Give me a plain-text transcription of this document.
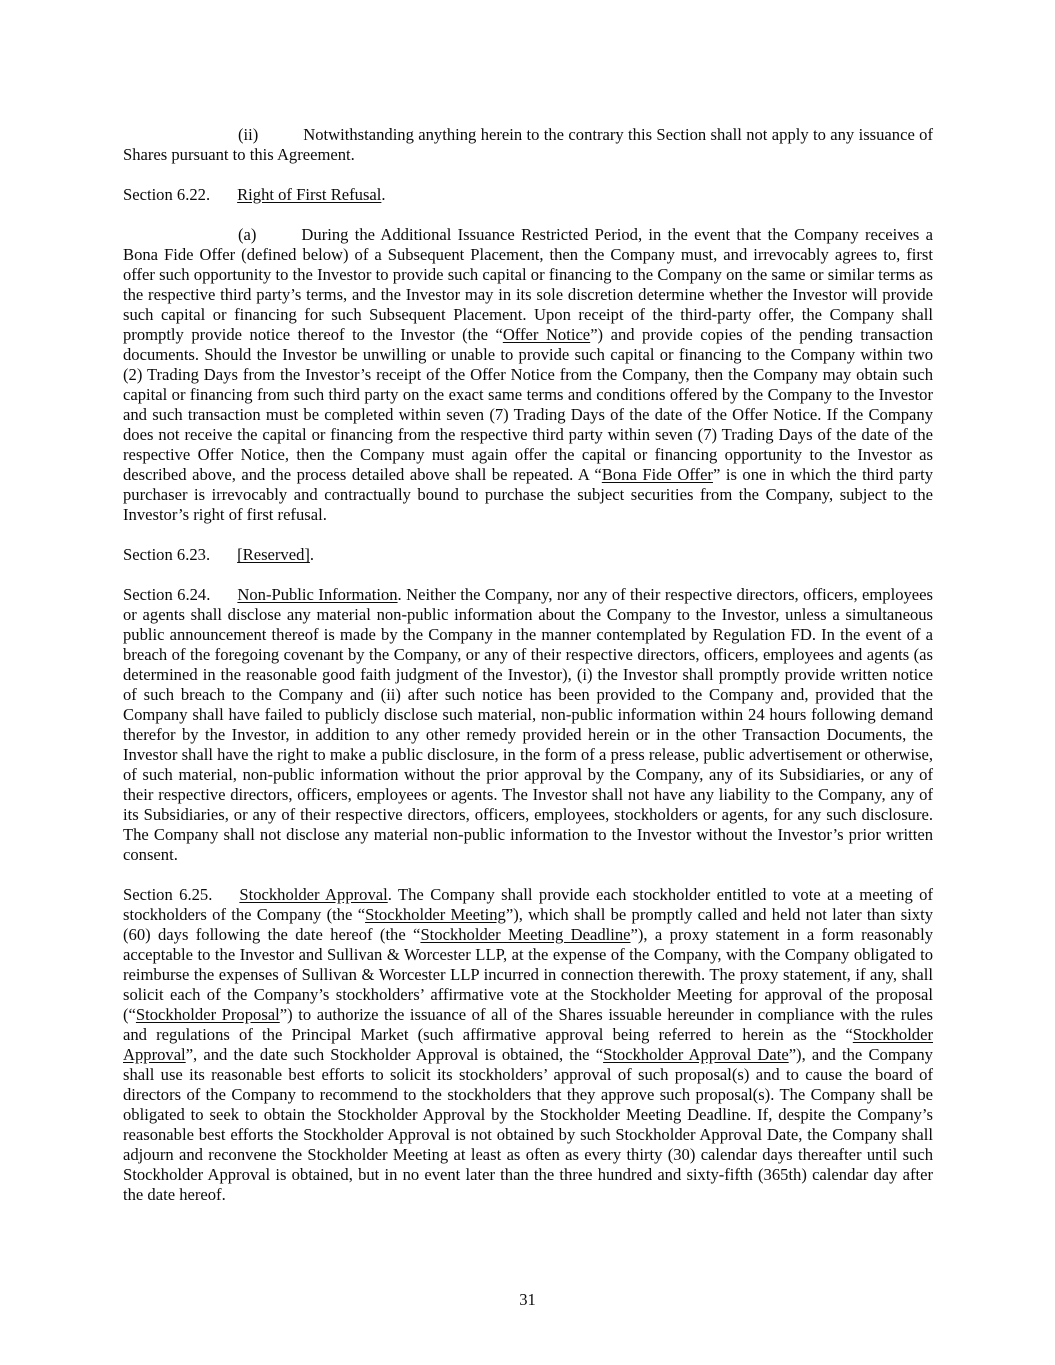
(ii)	Notwithstanding anything herein to the contrary this Section shall not apply to any issuance of Shares pursuant to this Agreement.

Section 6.22. Right of First Refusal.

(a)	During the Additional Issuance Restricted Period, in the event that the Company receives a Bona Fide Offer (defined below) of a Subsequent Placement, then the Company must, and irrevocably agrees to, first offer such opportunity to the Investor to provide such capital or financing to the Company on the same or similar terms as the respective third party’s terms, and the Investor may in its sole discretion determine whether the Investor will provide such capital or financing for such Subsequent Placement. Upon receipt of the third-party offer, the Company shall promptly provide notice thereof to the Investor (the “Offer Notice”) and provide copies of the pending transaction documents. Should the Investor be unwilling or unable to provide such capital or financing to the Company within two (2) Trading Days from the Investor’s receipt of the Offer Notice from the Company, then the Company may obtain such capital or financing from such third party on the exact same terms and conditions offered by the Company to the Investor and such transaction must be completed within seven (7) Trading Days of the date of the Offer Notice. If the Company does not receive the capital or financing from the respective third party within seven (7) Trading Days of the date of the respective Offer Notice, then the Company must again offer the capital or financing opportunity to the Investor as described above, and the process detailed above shall be repeated. A “Bona Fide Offer” is one in which the third party purchaser is irrevocably and contractually bound to purchase the subject securities from the Company, subject to the Investor’s right of first refusal.

Section 6.23. [Reserved].

Section 6.24. Non-Public Information. Neither the Company, nor any of their respective directors, officers, employees or agents shall disclose any material non-public information about the Company to the Investor, unless a simultaneous public announcement thereof is made by the Company in the manner contemplated by Regulation FD. In the event of a breach of the foregoing covenant by the Company, or any of their respective directors, officers, employees and agents (as determined in the reasonable good faith judgment of the Investor), (i) the Investor shall promptly provide written notice of such breach to the Company and (ii) after such notice has been provided to the Company and, provided that the Company shall have failed to publicly disclose such material, non-public information within 24 hours following demand therefor by the Investor, in addition to any other remedy provided herein or in the other Transaction Documents, the Investor shall have the right to make a public disclosure, in the form of a press release, public advertisement or otherwise, of such material, non-public information without the prior approval by the Company, any of its Subsidiaries, or any of their respective directors, officers, employees or agents. The Investor shall not have any liability to the Company, any of its Subsidiaries, or any of their respective directors, officers, employees, stockholders or agents, for any such disclosure. The Company shall not disclose any material non-public information to the Investor without the Investor’s prior written consent.

Section 6.25. Stockholder Approval. The Company shall provide each stockholder entitled to vote at a meeting of stockholders of the Company (the “Stockholder Meeting”), which shall be promptly called and held not later than sixty (60) days following the date hereof (the “Stockholder Meeting Deadline”), a proxy statement in a form reasonably acceptable to the Investor and Sullivan & Worcester LLP, at the expense of the Company, with the Company obligated to reimburse the expenses of Sullivan & Worcester LLP incurred in connection therewith. The proxy statement, if any, shall solicit each of the Company’s stockholders’ affirmative vote at the Stockholder Meeting for approval of the proposal (“Stockholder Proposal”) to authorize the issuance of all of the Shares issuable hereunder in compliance with the rules and regulations of the Principal Market (such affirmative approval being referred to herein as the “Stockholder Approval”, and the date such Stockholder Approval is obtained, the “Stockholder Approval Date”), and the Company shall use its reasonable best efforts to solicit its stockholders’ approval of such proposal(s) and to cause the board of directors of the Company to recommend to the stockholders that they approve such proposal(s). The Company shall be obligated to seek to obtain the Stockholder Approval by the Stockholder Meeting Deadline. If, despite the Company’s reasonable best efforts the Stockholder Approval is not obtained by such Stockholder Approval Date, the Company shall adjourn and reconvene the Stockholder Meeting at least as often as every thirty (30) calendar days thereafter until such Stockholder Approval is obtained, but in no event later than the three hundred and sixty-fifth (365th) calendar day after the date hereof.

31
